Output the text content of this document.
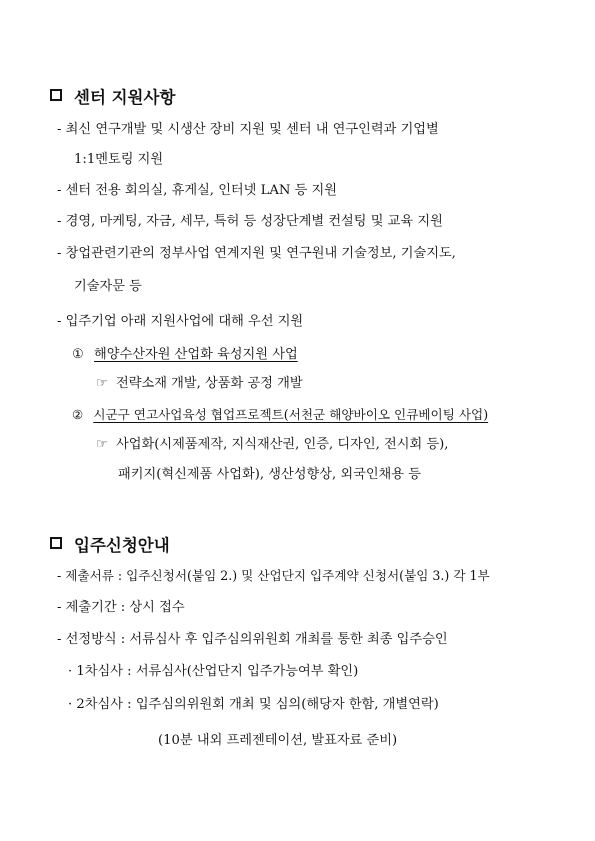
센터 지원사항
- 최신 연구개발 및 시생산 장비 지원 및 센터 내 연구인력과 기업별
1:1멘토링 지원
- 센터 전용 회의실, 휴게실, 인터넷 LAN 등 지원
- 경영, 마케팅, 자금, 세무, 특허 등 성장단계별 컨설팅 및 교육 지원
- 창업관련기관의 정부사업 연계지원 및 연구원내 기술정보, 기술지도,
기술자문 등
- 입주기업 아래 지원사업에 대해 우선 지원
① 해양수산자원 산업화 육성지원 사업
☞ 전략소재 개발, 상품화 공정 개발
② 시군구 연고사업육성 협업프로젝트(서천군 해양바이오 인큐베이팅 사업)
☞ 사업화(시제품제작, 지식재산권, 인증, 디자인, 전시회 등),
패키지(혁신제품 사업화), 생산성향상, 외국인채용 등
입주신청안내
- 제출서류 : 입주신청서(붙임 2.) 및 산업단지 입주계약 신청서(붙임 3.) 각 1부
- 제출기간 : 상시 접수
- 선정방식 : 서류심사 후 입주심의위원회 개최를 통한 최종 입주승인
· 1차심사 : 서류심사(산업단지 입주가능여부 확인)
· 2차심사 : 입주심의위원회 개최 및 심의(해당자 한함, 개별연락)
(10분 내외 프레젠테이션, 발표자료 준비)
